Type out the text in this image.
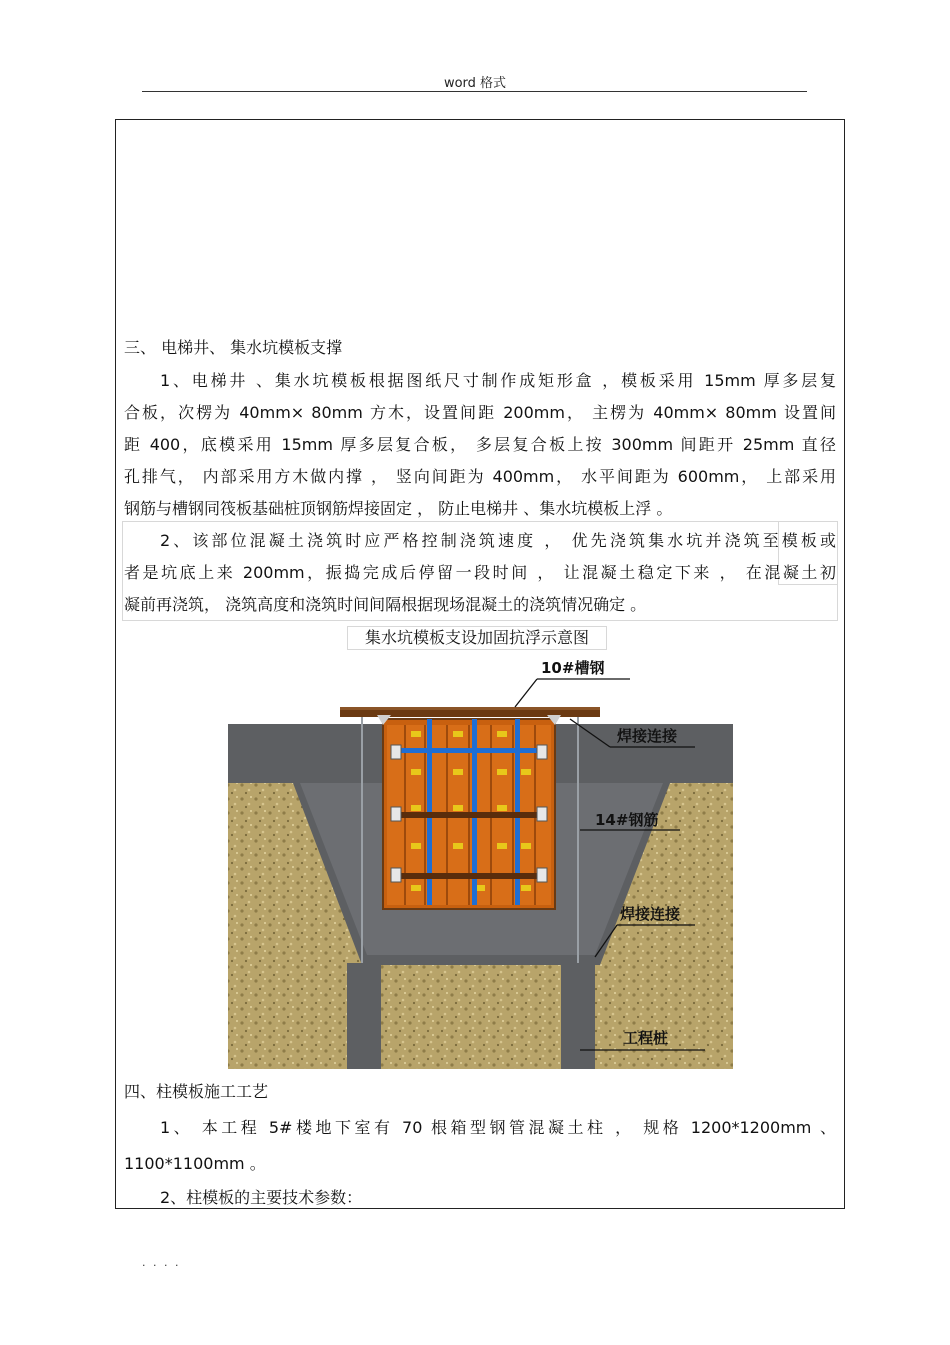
word 格式
三、 电梯井、 集水坑模板支撑
1、电梯井 、集水坑模板根据图纸尺寸制作成矩形盒 ，模板采用 15mm 厚多层复
合板，次楞为 40mm× 80mm 方木，设置间距 200mm， 主楞为 40mm× 80mm 设置间
距 400，底模采用 15mm 厚多层复合板， 多层复合板上按 300mm 间距开 25mm 直径
孔排气， 内部采用方木做内撑 ， 竖向间距为 400mm， 水平间距为 600mm， 上部采用
钢筋与槽钢同筏板基础桩顶钢筋焊接固定 ， 防止电梯井 、集水坑模板上浮 。
2、该部位混凝土浇筑时应严格控制浇筑速度 ， 优先浇筑集水坑并浇筑至模板或
者是坑底上来 200mm，振捣完成后停留一段时间 ， 让混凝土稳定下来 ， 在混凝土初
凝前再浇筑， 浇筑高度和浇筑时间间隔根据现场混凝土的浇筑情况确定 。
集水坑模板支设加固抗浮示意图
10#槽钢
焊接连接
14#钢筋
焊接连接
工程桩
四、柱模板施工工艺
1、 本工程 5#楼地下室有 70 根箱型钢管混凝土柱 ， 规格 1200*1200mm 、
1100*1100mm 。
2、柱模板的主要技术参数：
. . . .
